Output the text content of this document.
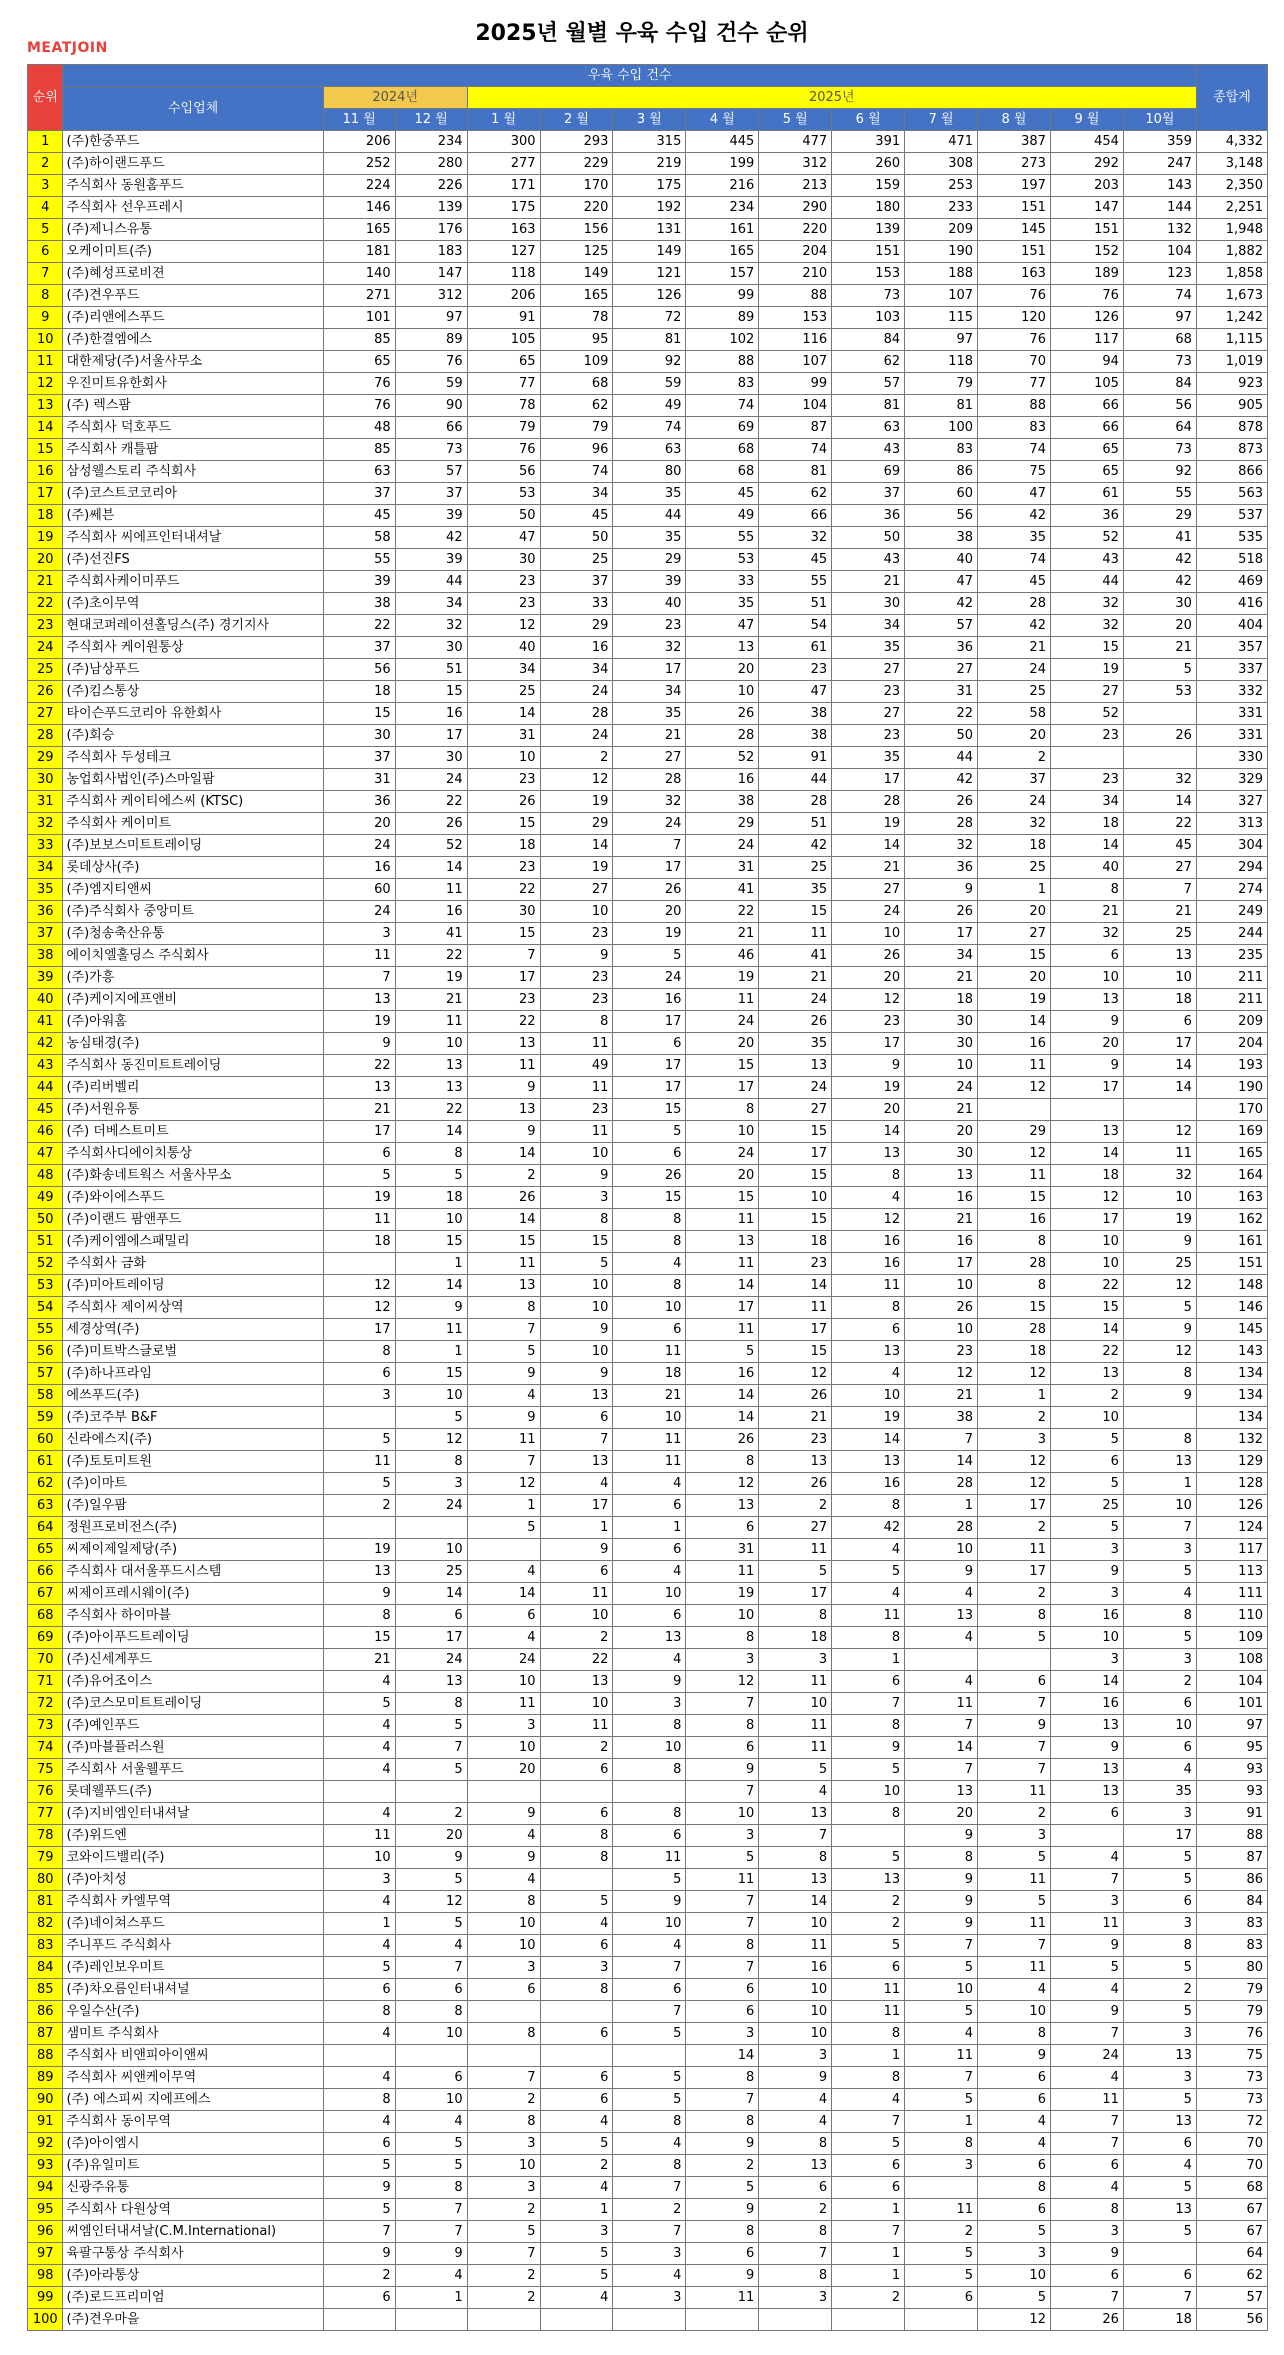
2025년 월별 우육 수입 건수 순위
MEATJOIN
순위	우육 수입 건수													종합계
	수입업체	2024년		2025년										
		11 월	12 월	1 월	2 월	3 월	4 월	5 월	6 월	7 월	8 월	9 월	10월	
1	(주)한중푸드	206	234	300	293	315	445	477	391	471	387	454	359	4,332
2	(주)하이랜드푸드	252	280	277	229	219	199	312	260	308	273	292	247	3,148
3	주식회사 동원홈푸드	224	226	171	170	175	216	213	159	253	197	203	143	2,350
4	주식회사 선우프레시	146	139	175	220	192	234	290	180	233	151	147	144	2,251
5	(주)제니스유통	165	176	163	156	131	161	220	139	209	145	151	132	1,948
6	오케이미트(주)	181	183	127	125	149	165	204	151	190	151	152	104	1,882
7	(주)혜성프로비젼	140	147	118	149	121	157	210	153	188	163	189	123	1,858
8	(주)견우푸드	271	312	206	165	126	99	88	73	107	76	76	74	1,673
9	(주)리앤에스푸드	101	97	91	78	72	89	153	103	115	120	126	97	1,242
10	(주)한결엠에스	85	89	105	95	81	102	116	84	97	76	117	68	1,115
11	대한제당(주)서울사무소	65	76	65	109	92	88	107	62	118	70	94	73	1,019
12	우진미트유한회사	76	59	77	68	59	83	99	57	79	77	105	84	923
13	(주) 렉스팜	76	90	78	62	49	74	104	81	81	88	66	56	905
14	주식회사 덕호푸드	48	66	79	79	74	69	87	63	100	83	66	64	878
15	주식회사 캐틀팜	85	73	76	96	63	68	74	43	83	74	65	73	873
16	삼성웰스토리 주식회사	63	57	56	74	80	68	81	69	86	75	65	92	866
17	(주)코스트코코리아	37	37	53	34	35	45	62	37	60	47	61	55	563
18	(주)쎄븐	45	39	50	45	44	49	66	36	56	42	36	29	537
19	주식회사 씨에프인터내셔날	58	42	47	50	35	55	32	50	38	35	52	41	535
20	(주)선진FS	55	39	30	25	29	53	45	43	40	74	43	42	518
21	주식회사케이미푸드	39	44	23	37	39	33	55	21	47	45	44	42	469
22	(주)초이무역	38	34	23	33	40	35	51	30	42	28	32	30	416
23	현대코퍼레이션홀딩스(주) 경기지사	22	32	12	29	23	47	54	34	57	42	32	20	404
24	주식회사 케이원통상	37	30	40	16	32	13	61	35	36	21	15	21	357
25	(주)남상푸드	56	51	34	34	17	20	23	27	27	24	19	5	337
26	(주)킴스통상	18	15	25	24	34	10	47	23	31	25	27	53	332
27	타이슨푸드코리아 유한회사	15	16	14	28	35	26	38	27	22	58	52		331
28	(주)회승	30	17	31	24	21	28	38	23	50	20	23	26	331
29	주식회사 두성테크	37	30	10	2	27	52	91	35	44	2			330
30	농업회사법인(주)스마일팜	31	24	23	12	28	16	44	17	42	37	23	32	329
31	주식회사 케이티에스씨 (KTSC)	36	22	26	19	32	38	28	28	26	24	34	14	327
32	주식회사 케이미트	20	26	15	29	24	29	51	19	28	32	18	22	313
33	(주)보보스미트트레이딩	24	52	18	14	7	24	42	14	32	18	14	45	304
34	롯데상사(주)	16	14	23	19	17	31	25	21	36	25	40	27	294
35	(주)엠지티앤씨	60	11	22	27	26	41	35	27	9	1	8	7	274
36	(주)주식회사 중앙미트	24	16	30	10	20	22	15	24	26	20	21	21	249
37	(주)청송축산유통	3	41	15	23	19	21	11	10	17	27	32	25	244
38	에이치엘홀딩스 주식회사	11	22	7	9	5	46	41	26	34	15	6	13	235
39	(주)가흥	7	19	17	23	24	19	21	20	21	20	10	10	211
40	(주)케이지에프앤비	13	21	23	23	16	11	24	12	18	19	13	18	211
41	(주)아워홈	19	11	22	8	17	24	26	23	30	14	9	6	209
42	농심태경(주)	9	10	13	11	6	20	35	17	30	16	20	17	204
43	주식회사 동진미트트레이딩	22	13	11	49	17	15	13	9	10	11	9	14	193
44	(주)리버벨리	13	13	9	11	17	17	24	19	24	12	17	14	190
45	(주)서원유통	21	22	13	23	15	8	27	20	21				170
46	(주) 더베스트미트	17	14	9	11	5	10	15	14	20	29	13	12	169
47	주식회사디에이치통상	6	8	14	10	6	24	17	13	30	12	14	11	165
48	(주)화송네트웍스 서울사무소	5	5	2	9	26	20	15	8	13	11	18	32	164
49	(주)와이에스푸드	19	18	26	3	15	15	10	4	16	15	12	10	163
50	(주)이랜드 팜앤푸드	11	10	14	8	8	11	15	12	21	16	17	19	162
51	(주)케이엠에스패밀리	18	15	15	15	8	13	18	16	16	8	10	9	161
52	주식회사 금화		1	11	5	4	11	23	16	17	28	10	25	151
53	(주)미아트레이딩	12	14	13	10	8	14	14	11	10	8	22	12	148
54	주식회사 제이씨상역	12	9	8	10	10	17	11	8	26	15	15	5	146
55	세경상역(주)	17	11	7	9	6	11	17	6	10	28	14	9	145
56	(주)미트박스글로벌	8	1	5	10	11	5	15	13	23	18	22	12	143
57	(주)하나프라임	6	15	9	9	18	16	12	4	12	12	13	8	134
58	에쓰푸드(주)	3	10	4	13	21	14	26	10	21	1	2	9	134
59	(주)코주부 B&F		5	9	6	10	14	21	19	38	2	10		134
60	신라에스지(주)	5	12	11	7	11	26	23	14	7	3	5	8	132
61	(주)토토미트원	11	8	7	13	11	8	13	13	14	12	6	13	129
62	(주)이마트	5	3	12	4	4	12	26	16	28	12	5	1	128
63	(주)일우팜	2	24	1	17	6	13	2	8	1	17	25	10	126
64	정원프로비전스(주)			5	1	1	6	27	42	28	2	5	7	124
65	씨제이제일제당(주)	19	10		9	6	31	11	4	10	11	3	3	117
66	주식회사 대서울푸드시스템	13	25	4	6	4	11	5	5	9	17	9	5	113
67	씨제이프레시웨이(주)	9	14	14	11	10	19	17	4	4	2	3	4	111
68	주식회사 하이마블	8	6	6	10	6	10	8	11	13	8	16	8	110
69	(주)아이푸드트레이딩	15	17	4	2	13	8	18	8	4	5	10	5	109
70	(주)신세계푸드	21	24	24	22	4	3	3	1			3	3	108
71	(주)유어조이스	4	13	10	13	9	12	11	6	4	6	14	2	104
72	(주)코스모미트트레이딩	5	8	11	10	3	7	10	7	11	7	16	6	101
73	(주)예인푸드	4	5	3	11	8	8	11	8	7	9	13	10	97
74	(주)마블플러스원	4	7	10	2	10	6	11	9	14	7	9	6	95
75	주식회사 서울웰푸드	4	5	20	6	8	9	5	5	7	7	13	4	93
76	롯데웰푸드(주)						7	4	10	13	11	13	35	93
77	(주)지비엠인터내셔날	4	2	9	6	8	10	13	8	20	2	6	3	91
78	(주)위드엔	11	20	4	8	6	3	7		9	3		17	88
79	코와이드밸리(주)	10	9	9	8	11	5	8	5	8	5	4	5	87
80	(주)아치성	3	5	4		5	11	13	13	9	11	7	5	86
81	주식회사 카엘무역	4	12	8	5	9	7	14	2	9	5	3	6	84
82	(주)네이쳐스푸드	1	5	10	4	10	7	10	2	9	11	11	3	83
83	주니푸드 주식회사	4	4	10	6	4	8	11	5	7	7	9	8	83
84	(주)레인보우미트	5	7	3	3	7	7	16	6	5	11	5	5	80
85	(주)차오름인터내셔널	6	6	6	8	6	6	10	11	10	4	4	2	79
86	우일수산(주)	8	8			7	6	10	11	5	10	9	5	79
87	샘미트 주식회사	4	10	8	6	5	3	10	8	4	8	7	3	76
88	주식회사 비앤피아이앤씨						14	3	1	11	9	24	13	75
89	주식회사 씨앤케이무역	4	6	7	6	5	8	9	8	7	6	4	3	73
90	(주) 에스피씨 지에프에스	8	10	2	6	5	7	4	4	5	6	11	5	73
91	주식회사 동이무역	4	4	8	4	8	8	4	7	1	4	7	13	72
92	(주)아이엠시	6	5	3	5	4	9	8	5	8	4	7	6	70
93	(주)유일미트	5	5	10	2	8	2	13	6	3	6	6	4	70
94	신광주유통	9	8	3	4	7	5	6	6		8	4	5	68
95	주식회사 다원상역	5	7	2	1	2	9	2	1	11	6	8	13	67
96	씨엠인터내셔날(C.M.International)	7	7	5	3	7	8	8	7	2	5	3	5	67
97	육팔구통상 주식회사	9	9	7	5	3	6	7	1	5	3	9		64
98	(주)아라통상	2	4	2	5	4	9	8	1	5	10	6	6	62
99	(주)로드프리미엄	6	1	2	4	3	11	3	2	6	5	7	7	57
100	(주)견우마을										12	26	18	56
